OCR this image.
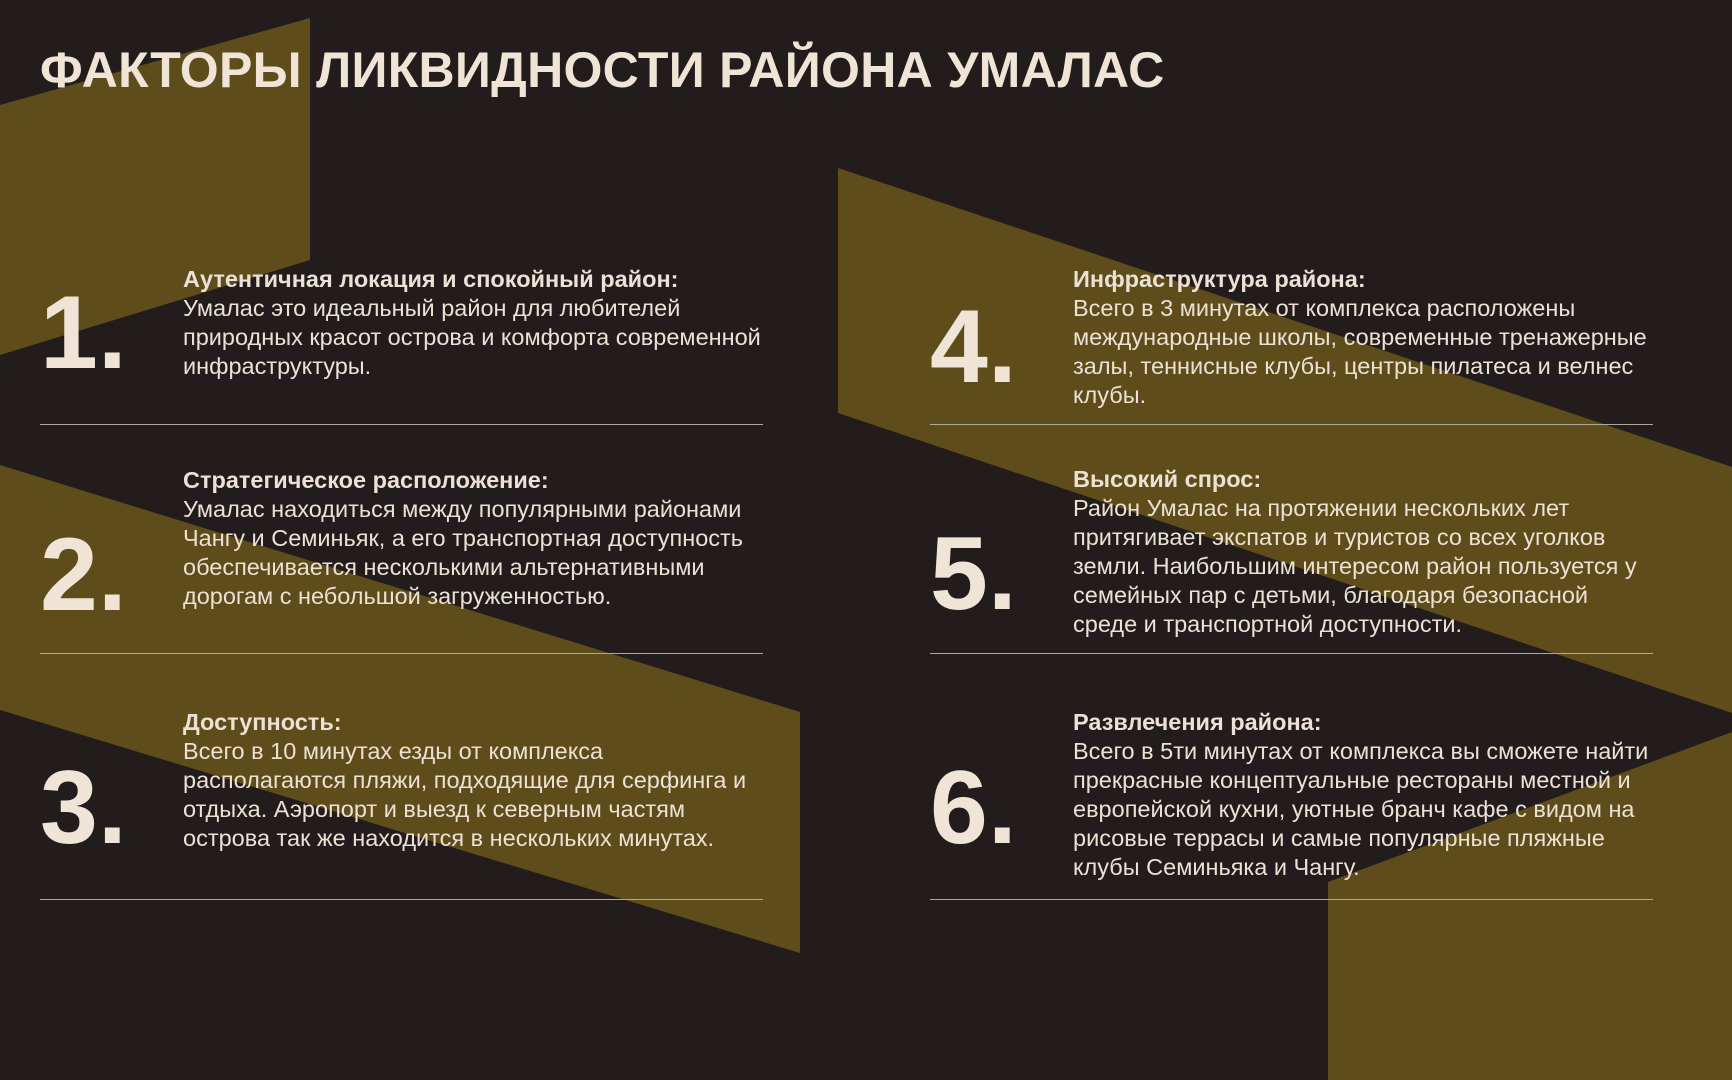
ФАКТОРЫ ЛИКВИДНОСТИ РАЙОНА УМАЛАС
1. Аутентичная локация и спокойный район:
Умалас это идеальный район для любителей природных красот острова и комфорта современной инфраструктуры.
2.
Стратегическое расположение:
Умалас находиться между популярными районами Чангу и Семиньяк, а его транспортная доступность обеспечивается несколькими альтернативными дорогам с небольшой загруженностью.
3.
Доступность:
Всего в 10 минутах езды от комплекса располагаются пляжи, подходящие для серфинга и отдыха. Аэропорт и выезд к северным частям острова так же находится в нескольких минутах.
4.
Инфраструктура района:
Всего в 3 минутах от комплекса расположены международные школы, современные тренажерные залы, теннисные клубы, центры пилатеса и велнес клубы.
5.
Высокий спрос:
Район Умалас на протяжении нескольких лет притягивает экспатов и туристов со всех уголков земли. Наибольшим интересом район пользуется у семейных пар с детьми, благодаря безопасной среде и транспортной доступности.
6.
Развлечения района:
Всего в 5ти минутах от комплекса вы сможете найти прекрасные концептуальные рестораны местной и европейской кухни, уютные бранч кафе с видом на рисовые террасы и самые популярные пляжные клубы Семиньяка и Чангу.
